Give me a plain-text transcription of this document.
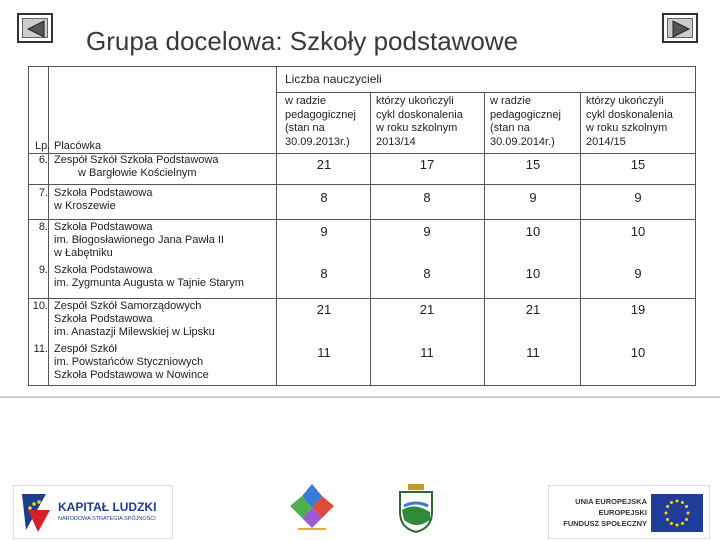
Grupa docelowa: Szkoły podstawowe
Liczba nauczycieli
Lp. Placówka
w radzie
pedagogicznej
(stan na
30.09.2013r.)
którzy ukończyli
cykl doskonalenia
w roku szkolnym
2013/14
w radzie
pedagogicznej
(stan na
30.09.2014r.)
którzy ukończyli
cykl doskonalenia
w roku szkolnym
2014/15
6. Zespół Szkół Szkoła Podstawowa
w Bargłowie Kościelnym
21	17	15	15
7. Szkoła Podstawowa
w Kroszewie
8	8	9	9
8. Szkoła Podstawowa
im. Błogosławionego Jana Pawła II
w Łabętniku
9	9	10	10
9. Szkoła Podstawowa
im. Zygmunta Augusta w Tajnie Starym
8	8	10	9
10. Zespół Szkół Samorządowych
Szkoła Podstawowa
im. Anastazji Milewskiej w Lipsku
21	21	21	19
11. Zespół Szkół
im. Powstańców Styczniowych
Szkoła Podstawowa w Nowince
11	11	11	10
KAPITAŁ LUDZKI
NARODOWA STRATEGIA SPÓJNOŚCI
UNIA EUROPEJSKA
EUROPEJSKI
FUNDUSZ SPOŁECZNY
